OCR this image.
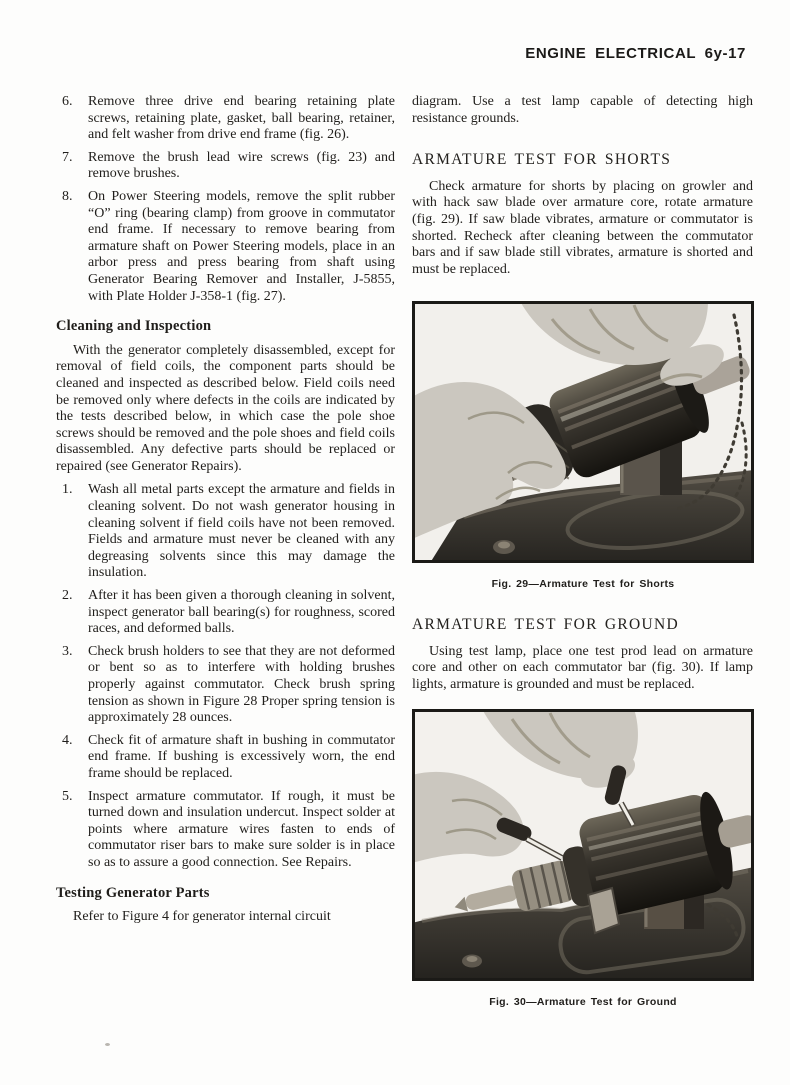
ENGINE ELECTRICAL 6y-17
6.	Remove three drive end bearing retaining plate screws, retaining plate, gasket, ball bearing, retainer, and felt washer from drive end frame (fig. 26).
7.	Remove the brush lead wire screws (fig. 23) and remove brushes.
8.	On Power Steering models, remove the split rubber “O” ring (bearing clamp) from groove in commutator end frame. If necessary to remove bearing from armature shaft on Power Steering models, place in an arbor press and press bearing from shaft using Generator Bearing Remover and Installer, J-5855, with Plate Holder J-358-1 (fig. 27).
Cleaning and Inspection

With the generator completely disassembled, except for removal of field coils, the component parts should be cleaned and inspected as described below. Field coils need be removed only where defects in the coils are indicated by the tests described below, in which case the pole shoe screws should be removed and the pole shoes and field coils disassembled. Any defective parts should be replaced or repaired (see Generator Repairs).

1.	Wash all metal parts except the armature and fields in cleaning solvent. Do not wash generator housing in cleaning solvent if field coils have not been removed. Fields and armature must never be cleaned with any degreasing solvents since this may damage the insulation.
2.	After it has been given a thorough cleaning in solvent, inspect generator ball bearing(s) for roughness, scored races, and deformed balls.
3.	Check brush holders to see that they are not deformed or bent so as to interfere with holding brushes properly against commutator. Check brush spring tension as shown in Figure 28 Proper spring tension is approximately 28 ounces.
4.	Check fit of armature shaft in bushing in commutator end frame. If bushing is excessively worn, the end frame should be replaced.
5.	Inspect armature commutator. If rough, it must be turned down and insulation undercut. Inspect solder at points where armature wires fasten to ends of commutator riser bars to make sure solder is in place so as to assure a good connection. See Repairs.
Testing Generator Parts

Refer to Figure 4 for generator internal circuit

diagram. Use a test lamp capable of detecting high resistance grounds.

ARMATURE TEST FOR SHORTS

Check armature for shorts by placing on growler and with hack saw blade over armature core, rotate armature (fig. 29). If saw blade vibrates, armature or commutator is shorted. Recheck after cleaning between the commutator bars and if saw blade still vibrates, armature is shorted and must be replaced.

Fig. 29—Armature Test for Shorts
ARMATURE TEST FOR GROUND

Using test lamp, place one test prod lead on armature core and other on each commutator bar (fig. 30). If lamp lights, armature is grounded and must be replaced.

Fig. 30—Armature Test for Ground
